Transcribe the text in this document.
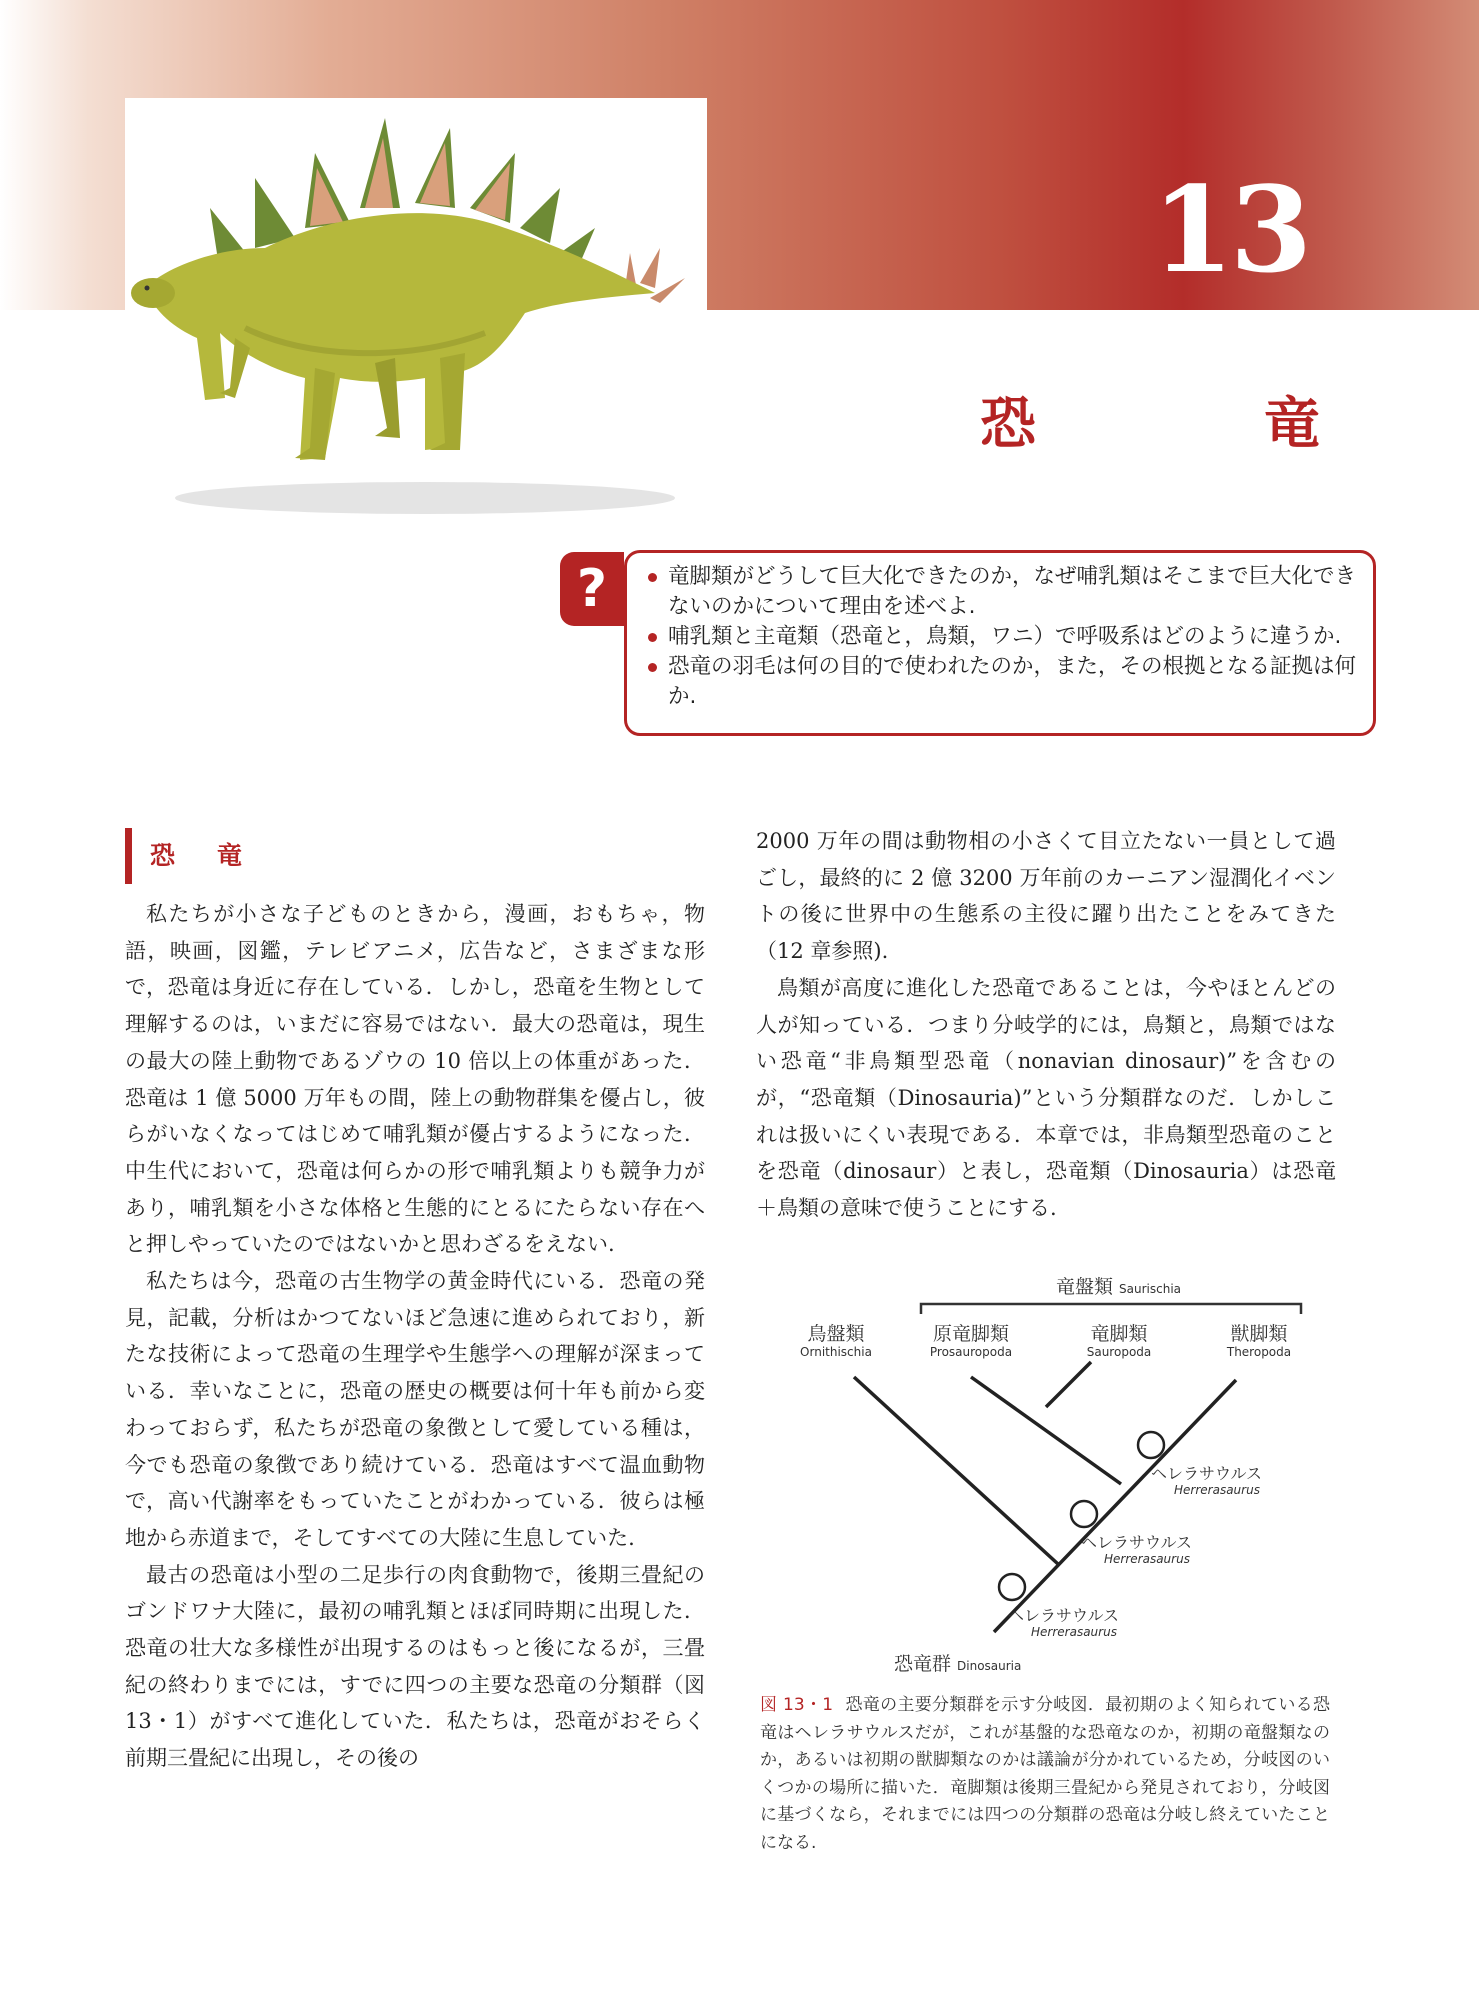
13
恐	竜
?	竜脚類がどうして巨大化できたのか，なぜ哺乳類はそこまで巨大化できないのかについて理由を述べよ.
哺乳類と主竜類（恐竜と，鳥類，ワニ）で呼吸系はどのように違うか.
恐竜の羽毛は何の目的で使われたのか，また，その根拠となる証拠は何か.
恐竜

私たちが小さな子どものときから，漫画，おもちゃ，物語，映画，図鑑，テレビアニメ，広告など，さまざまな形で，恐竜は身近に存在している．しかし，恐竜を生物として理解するのは，いまだに容易ではない．最大の恐竜は，現生の最大の陸上動物であるゾウの 10 倍以上の体重があった．恐竜は 1 億 5000 万年もの間，陸上の動物群集を優占し，彼らがいなくなってはじめて哺乳類が優占するようになった．中生代において，恐竜は何らかの形で哺乳類よりも競争力があり，哺乳類を小さな体格と生態的にとるにたらない存在へと押しやっていたのではないかと思わざるをえない.

私たちは今，恐竜の古生物学の黄金時代にいる．恐竜の発見，記載，分析はかつてないほど急速に進められており，新たな技術によって恐竜の生理学や生態学への理解が深まっている．幸いなことに，恐竜の歴史の概要は何十年も前から変わっておらず，私たちが恐竜の象徴として愛している種は，今でも恐竜の象徴であり続けている．恐竜はすべて温血動物で，高い代謝率をもっていたことがわかっている．彼らは極地から赤道まで，そしてすべての大陸に生息していた.

最古の恐竜は小型の二足歩行の肉食動物で，後期三畳紀のゴンドワナ大陸に，最初の哺乳類とほぼ同時期に出現した．恐竜の壮大な多様性が出現するのはもっと後になるが，三畳紀の終わりまでには，すでに四つの主要な恐竜の分類群（図 13・1）がすべて進化していた．私たちは，恐竜がおそらく前期三畳紀に出現し，その後の

2000 万年の間は動物相の小さくて目立たない一員として過ごし，最終的に 2 億 3200 万年前のカーニアン湿潤化イベントの後に世界中の生態系の主役に躍り出たことをみてきた（12 章参照).

鳥類が高度に進化した恐竜であることは，今やほとんどの人が知っている．つまり分岐学的には，鳥類と，鳥類ではない恐竜“非鳥類型恐竜（nonavian dinosaur)”を含むのが，“恐竜類（Dinosauria)”という分類群なのだ．しかしこれは扱いにくい表現である．本章では，非鳥類型恐竜のことを恐竜（dinosaur）と表し，恐竜類（Dinosauria）は恐竜＋鳥類の意味で使うことにする.

竜盤類 Saurischia
鳥盤類
Ornithischia
原竜脚類
Prosauropoda
竜脚類
Sauropoda
獣脚類
Theropoda
ヘレラサウルス
Herrerasaurus
ヘレラサウルス
Herrerasaurus
ヘレラサウルス
Herrerasaurus
恐竜群 Dinosauria
図 13・1 恐竜の主要分類群を示す分岐図．最初期のよく知られている恐竜はヘレラサウルスだが，これが基盤的な恐竜なのか，初期の竜盤類なのか，あるいは初期の獣脚類なのかは議論が分かれているため，分岐図のいくつかの場所に描いた．竜脚類は後期三畳紀から発見されており，分岐図に基づくなら，それまでには四つの分類群の恐竜は分岐し終えていたことになる.
